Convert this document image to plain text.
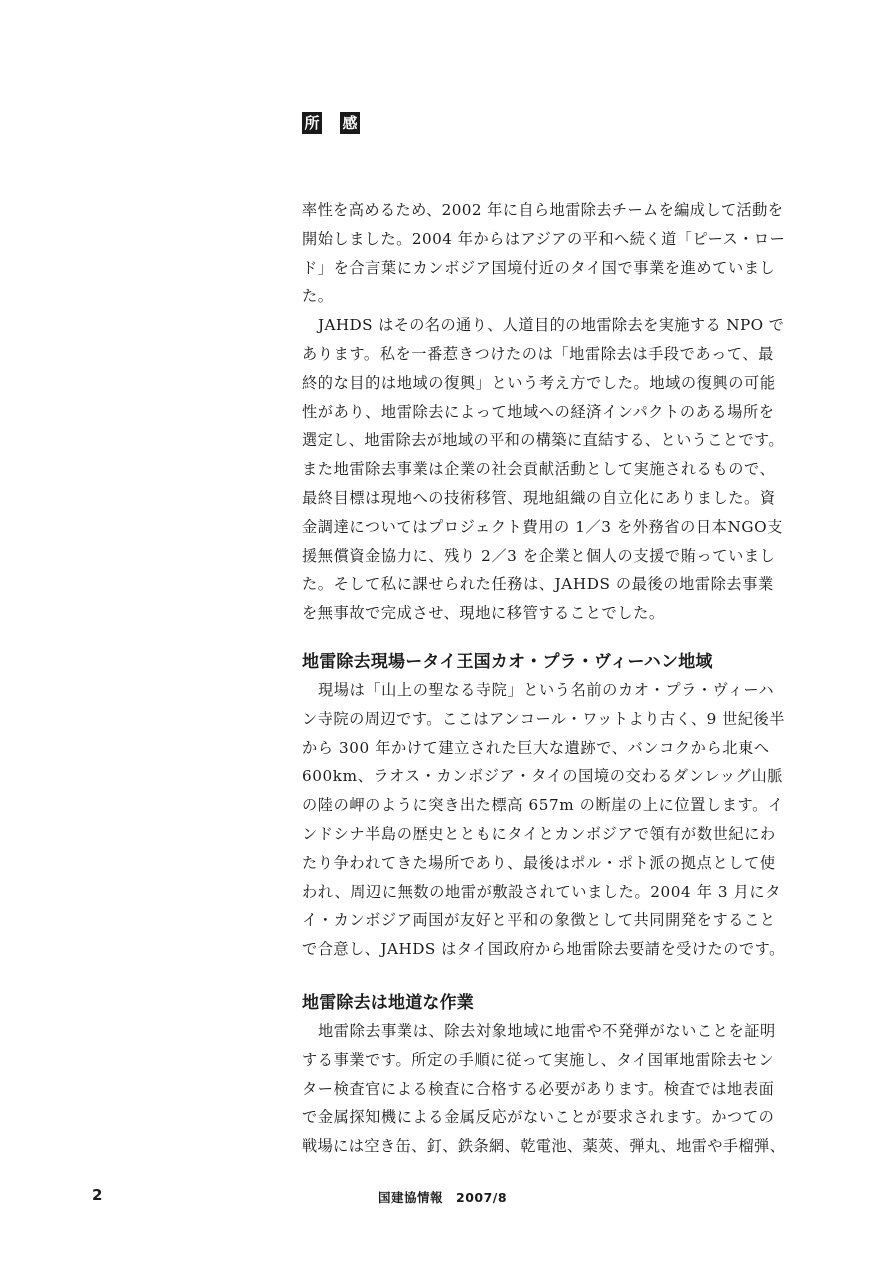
所 感
率性を高めるため、2002 年に自ら地雷除去チームを編成して活動を
開始しました。2004 年からはアジアの平和へ続く道「ピース・ロー
ド」を合言葉にカンボジア国境付近のタイ国で事業を進めていまし
た。
JAHDS はその名の通り、人道目的の地雷除去を実施する NPO で
あります。私を一番惹きつけたのは「地雷除去は手段であって、最
終的な目的は地域の復興」という考え方でした。地域の復興の可能
性があり、地雷除去によって地域への経済インパクトのある場所を
選定し、地雷除去が地域の平和の構築に直結する、ということです。
また地雷除去事業は企業の社会貢献活動として実施されるもので、
最終目標は現地への技術移管、現地組織の自立化にありました。資
金調達についてはプロジェクト費用の 1／3 を外務省の日本NGO支
援無償資金協力に、残り 2／3 を企業と個人の支援で賄っていまし
た。そして私に課せられた任務は、JAHDS の最後の地雷除去事業
を無事故で完成させ、現地に移管することでした。
地雷除去現場ータイ王国カオ・プラ・ヴィーハン地域
現場は「山上の聖なる寺院」という名前のカオ・プラ・ヴィーハ
ン寺院の周辺です。ここはアンコール・ワットより古く、9 世紀後半
から 300 年かけて建立された巨大な遺跡で、バンコクから北東へ
600km、ラオス・カンボジア・タイの国境の交わるダンレッグ山脈
の陸の岬のように突き出た標高 657m の断崖の上に位置します。イ
ンドシナ半島の歴史とともにタイとカンボジアで領有が数世紀にわ
たり争われてきた場所であり、最後はポル・ポト派の拠点として使
われ、周辺に無数の地雷が敷設されていました。2004 年 3 月にタ
イ・カンボジア両国が友好と平和の象徴として共同開発をすること
で合意し、JAHDS はタイ国政府から地雷除去要請を受けたのです。
地雷除去は地道な作業
地雷除去事業は、除去対象地域に地雷や不発弾がないことを証明
する事業です。所定の手順に従って実施し、タイ国軍地雷除去セン
ター検査官による検査に合格する必要があります。検査では地表面
で金属探知機による金属反応がないことが要求されます。かつての
戦場には空き缶、釘、鉄条網、乾電池、薬莢、弾丸、地雷や手榴弾、
2	国建協情報　2007/8
